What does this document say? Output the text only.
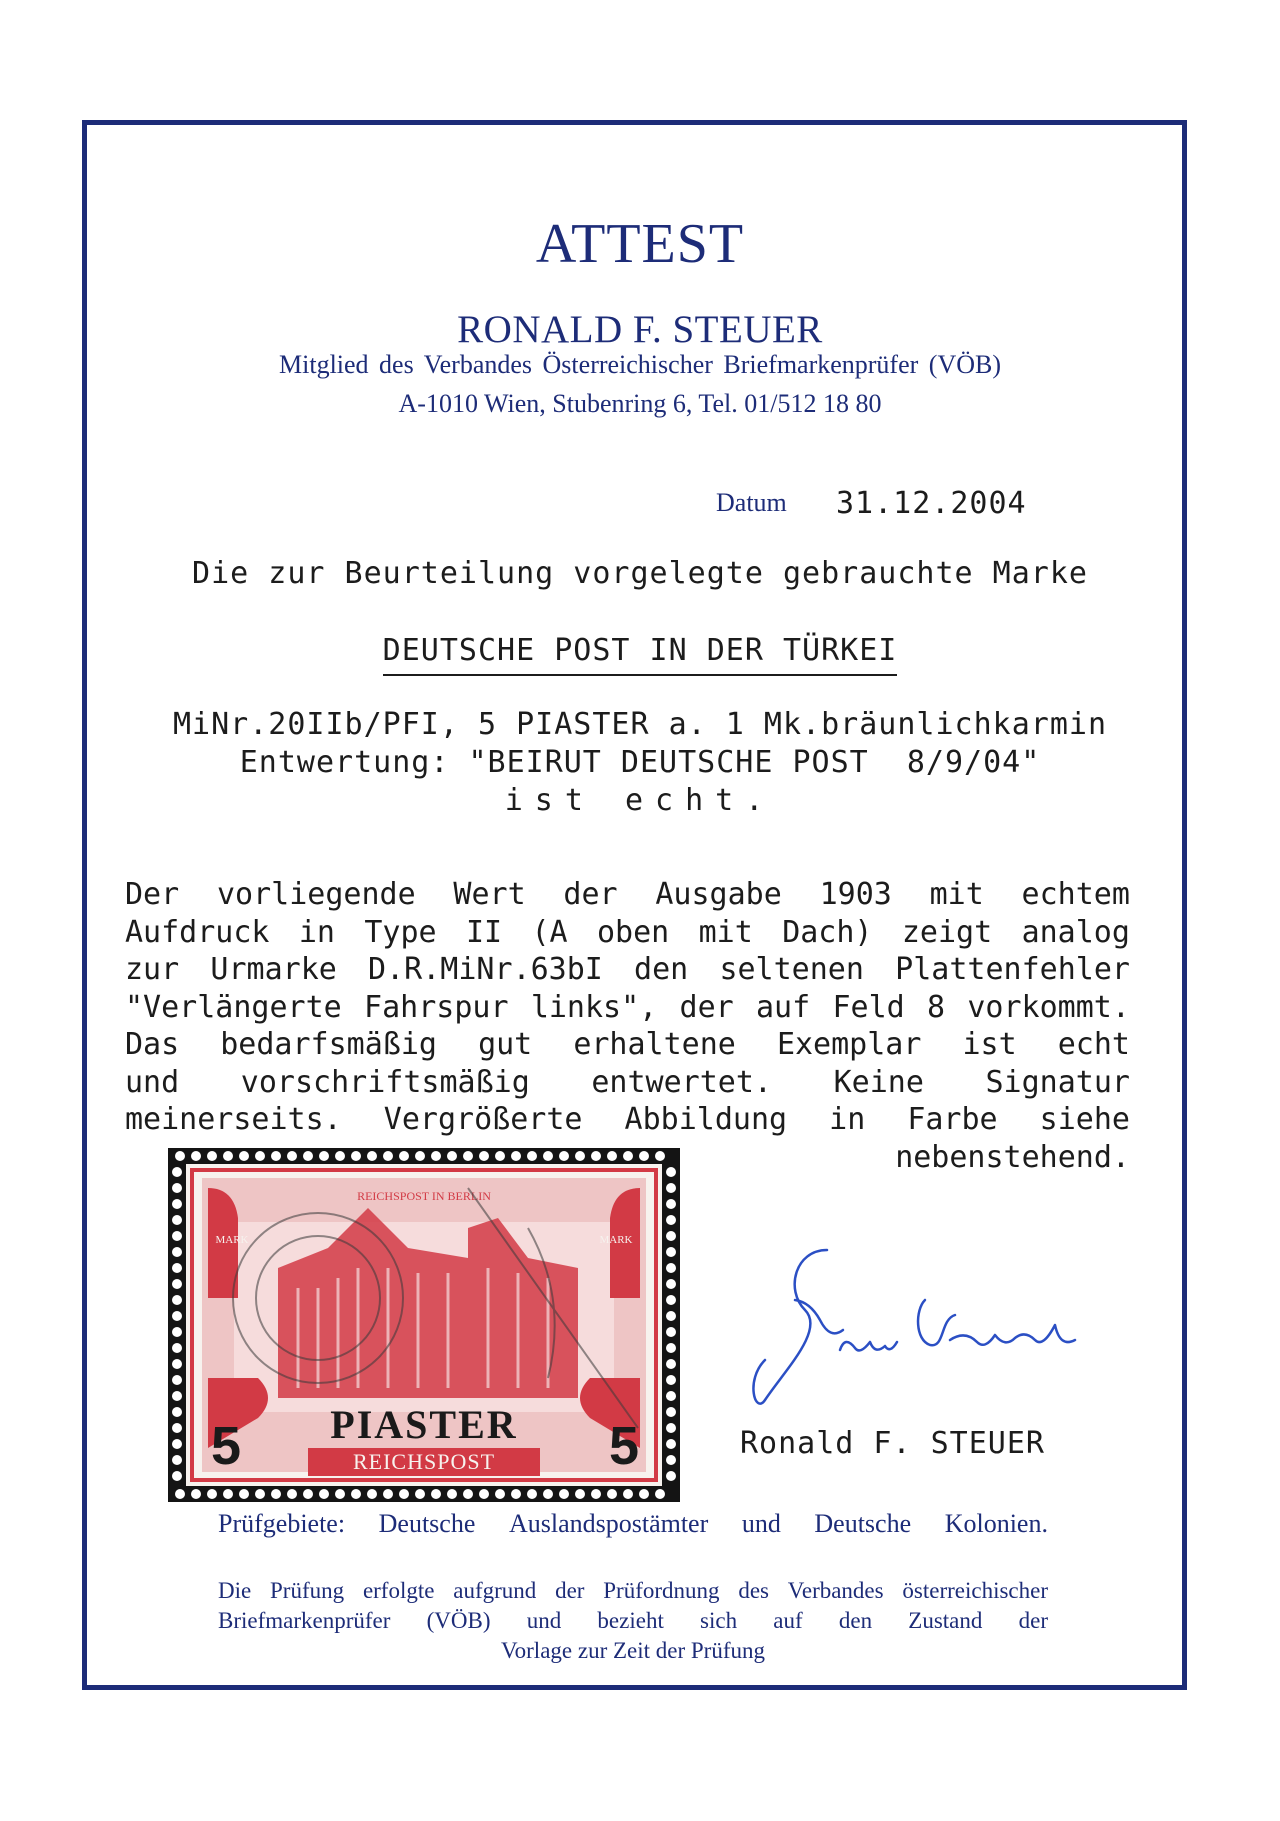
ATTEST
RONALD F. STEUER
Mitglied des Verbandes Österreichischer Briefmarkenprüfer (VÖB)
A-1010 Wien, Stubenring 6, Tel. 01/512 18 80
Datum 31.12.2004
Die zur Beurteilung vorgelegte gebrauchte Marke
DEUTSCHE POST IN DER TÜRKEI
MiNr.20IIb/PFI, 5 PIASTER a. 1 Mk.bräunlichkarmin
Entwertung: "BEIRUT DEUTSCHE POST  8/9/04"
ist echt.
Der vorliegende Wert der Ausgabe 1903 mit echtem
Aufdruck in Type II (A oben mit Dach) zeigt analog
zur Urmarke D.R.MiNr.63bI den seltenen Plattenfehler
"Verlängerte Fahrspur links", der auf Feld 8 vorkommt.
Das bedarfsmäßig gut erhaltene Exemplar ist echt
und vorschriftsmäßig entwertet. Keine Signatur
meinerseits. Vergrößerte Abbildung in Farbe siehe
nebenstehend.
REICHSPOST IN BERLIN
MARK	MARK
REICHSPOST
PIASTER
5	5	Ronald F. STEUER
Prüfgebiete: Deutsche Auslandspostämter und Deutsche Kolonien.
Die Prüfung erfolgte aufgrund der Prüfordnung des Verbandes österreichischer
Briefmarkenprüfer (VÖB) und bezieht sich auf den Zustand der
Vorlage zur Zeit der Prüfung
